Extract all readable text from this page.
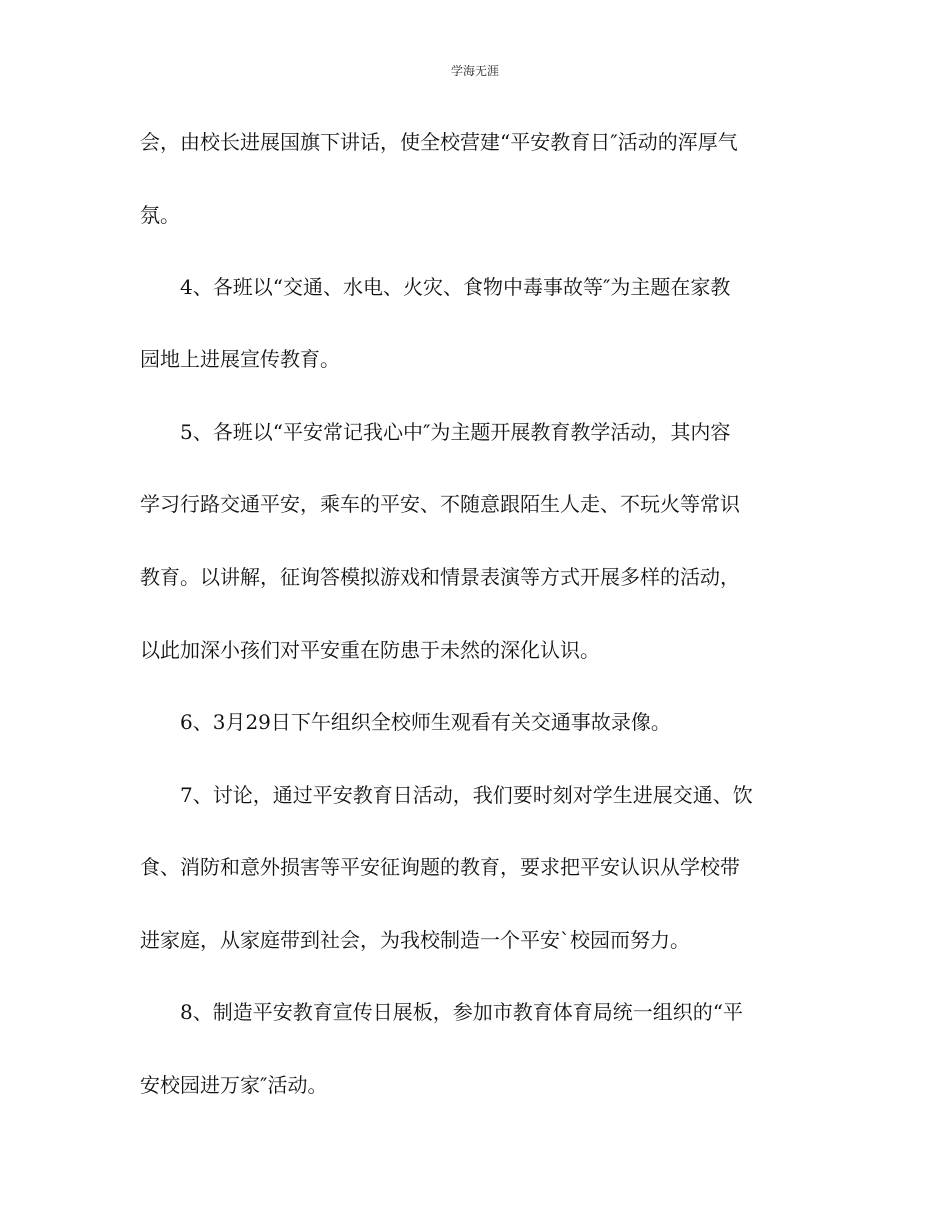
学海无涯
会，由校长进展国旗下讲话，使全校营建“平安教育日″活动的浑厚气
氛。
4、各班以“交通、水电、火灾、食物中毒事故等″为主题在家教
园地上进展宣传教育。
5、各班以“平安常记我心中″为主题开展教育教学活动，其内容
学习行路交通平安，乘车的平安、不随意跟陌生人走、不玩火等常识
教育。以讲解，征询答模拟游戏和情景表演等方式开展多样的活动，
以此加深小孩们对平安重在防患于未然的深化认识。
6、3月29日下午组织全校师生观看有关交通事故录像。
7、讨论，通过平安教育日活动，我们要时刻对学生进展交通、饮
食、消防和意外损害等平安征询题的教育，要求把平安认识从学校带
进家庭，从家庭带到社会，为我校制造一个平安`校园而努力。
8、制造平安教育宣传日展板，参加市教育体育局统一组织的“平
安校园进万家″活动。
